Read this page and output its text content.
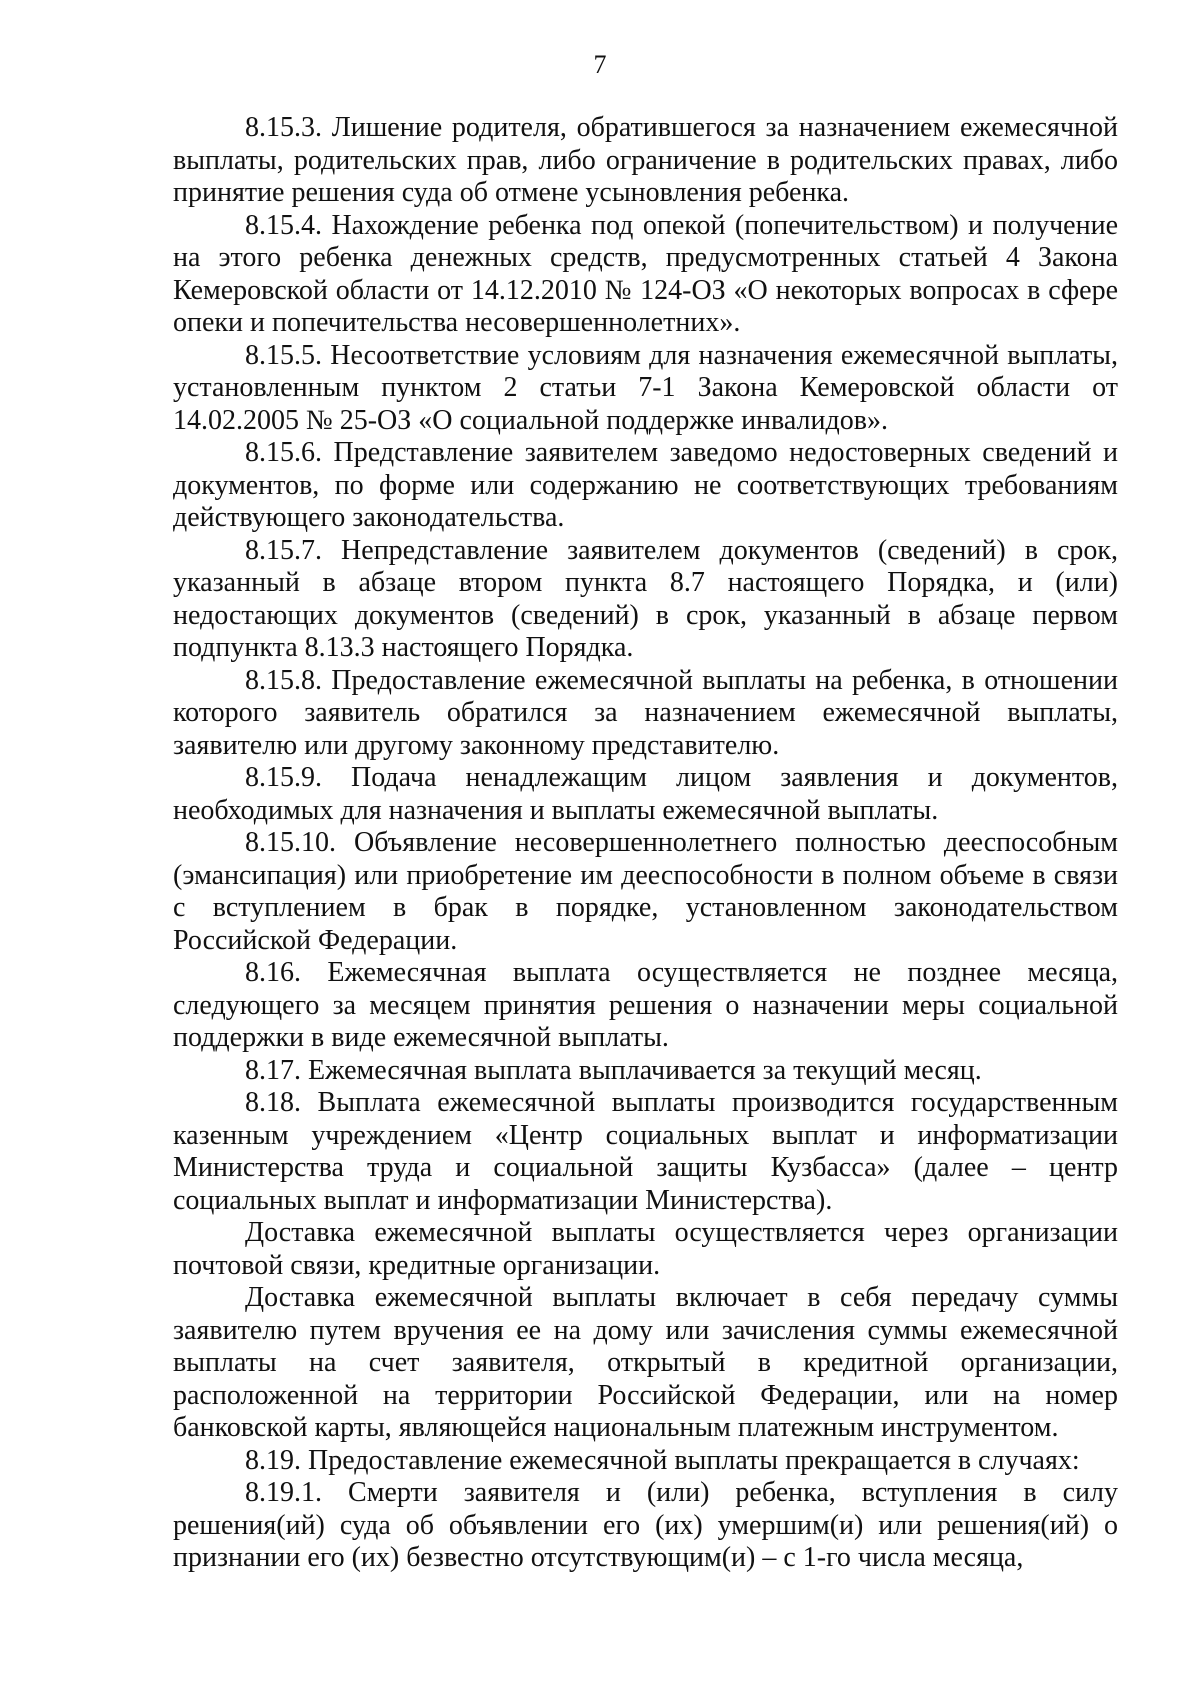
7

8.15.3. Лишение родителя, обратившегося за назначением ежемесячной выплаты, родительских прав, либо ограничение в родительских правах, либо принятие решения суда об отмене усыновления ребенка.

8.15.4. Нахождение ребенка под опекой (попечительством) и получение на этого ребенка денежных средств, предусмотренных статьей 4 Закона Кемеровской области от 14.12.2010 № 124-ОЗ «О некоторых вопросах в сфере опеки и попечительства несовершеннолетних».

8.15.5. Несоответствие условиям для назначения ежемесячной выплаты, установленным пунктом 2 статьи 7-1 Закона Кемеровской области от 14.02.2005 № 25-ОЗ «О социальной поддержке инвалидов».

8.15.6. Представление заявителем заведомо недостоверных сведений и документов, по форме или содержанию не соответствующих требованиям действующего законодательства.

8.15.7. Непредставление заявителем документов (сведений) в срок, указанный в абзаце втором пункта 8.7 настоящего Порядка, и (или) недостающих документов (сведений) в срок, указанный в абзаце первом подпункта 8.13.3 настоящего Порядка.

8.15.8. Предоставление ежемесячной выплаты на ребенка, в отношении которого заявитель обратился за назначением ежемесячной выплаты, заявителю или другому законному представителю.

8.15.9. Подача ненадлежащим лицом заявления и документов, необходимых для назначения и выплаты ежемесячной выплаты.

8.15.10. Объявление несовершеннолетнего полностью дееспособным (эмансипация) или приобретение им дееспособности в полном объеме в связи с вступлением в брак в порядке, установленном законодательством Российской Федерации.

8.16. Ежемесячная выплата осуществляется не позднее месяца, следующего за месяцем принятия решения о назначении меры социальной поддержки в виде ежемесячной выплаты.

8.17. Ежемесячная выплата выплачивается за текущий месяц.

8.18. Выплата ежемесячной выплаты производится государственным казенным учреждением «Центр социальных выплат и информатизации Министерства труда и социальной защиты Кузбасса» (далее – центр социальных выплат и информатизации Министерства).

Доставка ежемесячной выплаты осуществляется через организации почтовой связи, кредитные организации.

Доставка ежемесячной выплаты включает в себя передачу суммы заявителю путем вручения ее на дому или зачисления суммы ежемесячной выплаты на счет заявителя, открытый в кредитной организации, расположенной на территории Российской Федерации, или на номер банковской карты, являющейся национальным платежным инструментом.

8.19. Предоставление ежемесячной выплаты прекращается в случаях:

8.19.1. Смерти заявителя и (или) ребенка, вступления в силу решения(ий) суда об объявлении его (их) умершим(и) или решения(ий) о признании его (их) безвестно отсутствующим(и) – с 1-го числа месяца,
